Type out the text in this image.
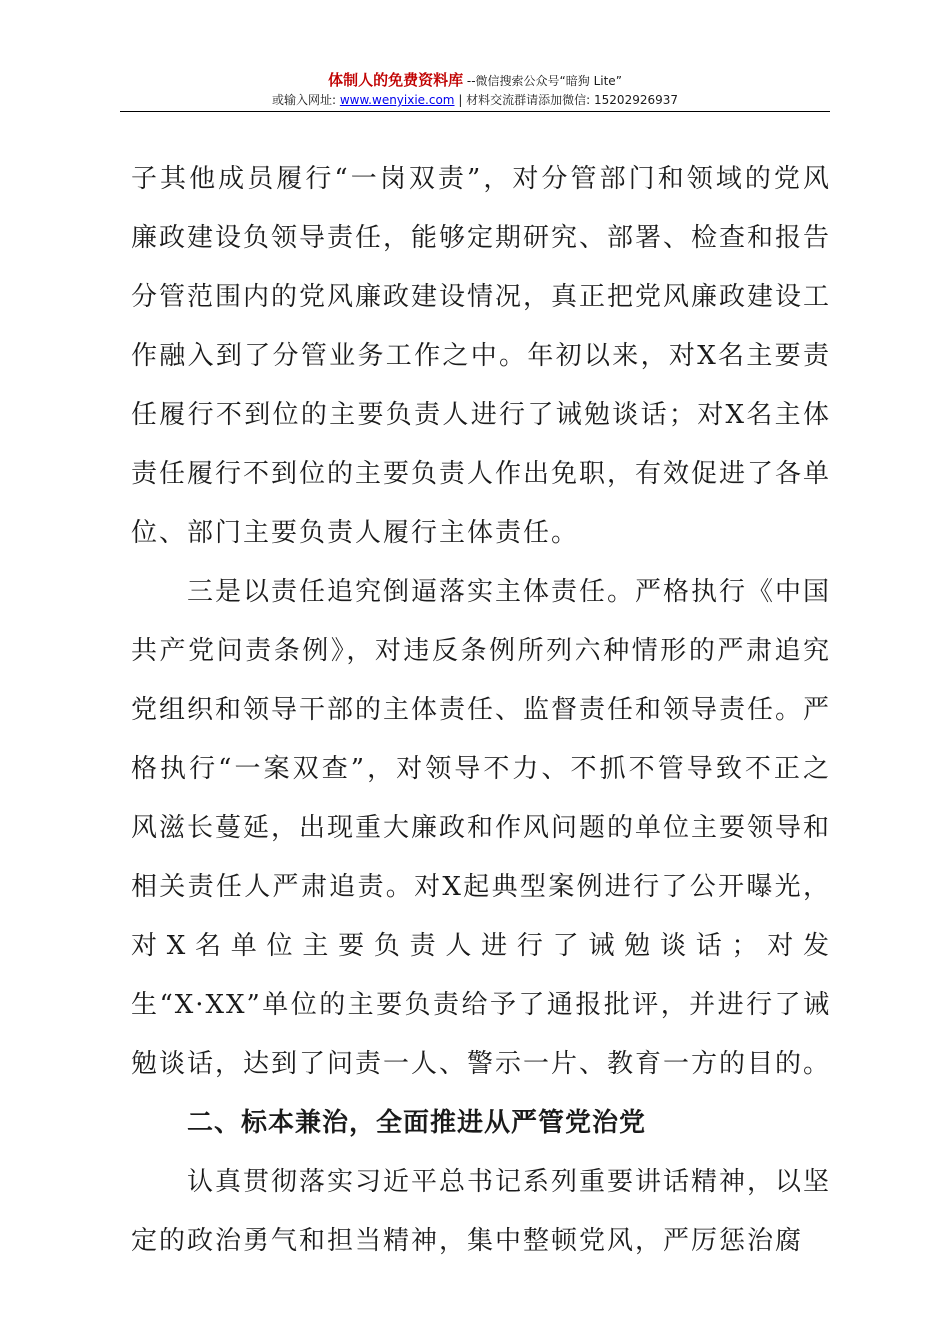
体制人的免费资料库 --微信搜索公众号“暗狗 Lite”
或输入网址: www.wenyixie.com | 材料交流群请添加微信: 15202926937

子其他成员履行“一岗双责”，对分管部门和领域的党风廉政建设负领导责任，能够定期研究、部署、检查和报告分管范围内的党风廉政建设情况，真正把党风廉政建设工作融入到了分管业务工作之中。年初以来，对X名主要责任履行不到位的主要负责人进行了诫勉谈话；对X名主体责任履行不到位的主要负责人作出免职，有效促进了各单位、部门主要负责人履行主体责任。

三是以责任追究倒逼落实主体责任。严格执行《中国共产党问责条例》，对违反条例所列六种情形的严肃追究党组织和领导干部的主体责任、监督责任和领导责任。严格执行“一案双查”，对领导不力、不抓不管导致不正之风滋长蔓延，出现重大廉政和作风问题的单位主要领导和相关责任人严肃追责。对X起典型案例进行了公开曝光，对X名单位主要负责人进行了诫勉谈话；对发生“X·XX”单位的主要负责给予了通报批评，并进行了诫勉谈话，达到了问责一人、警示一片、教育一方的目的。

二、标本兼治，全面推进从严管党治党

认真贯彻落实习近平总书记系列重要讲话精神，以坚定的政治勇气和担当精神，集中整顿党风，严厉惩治腐
